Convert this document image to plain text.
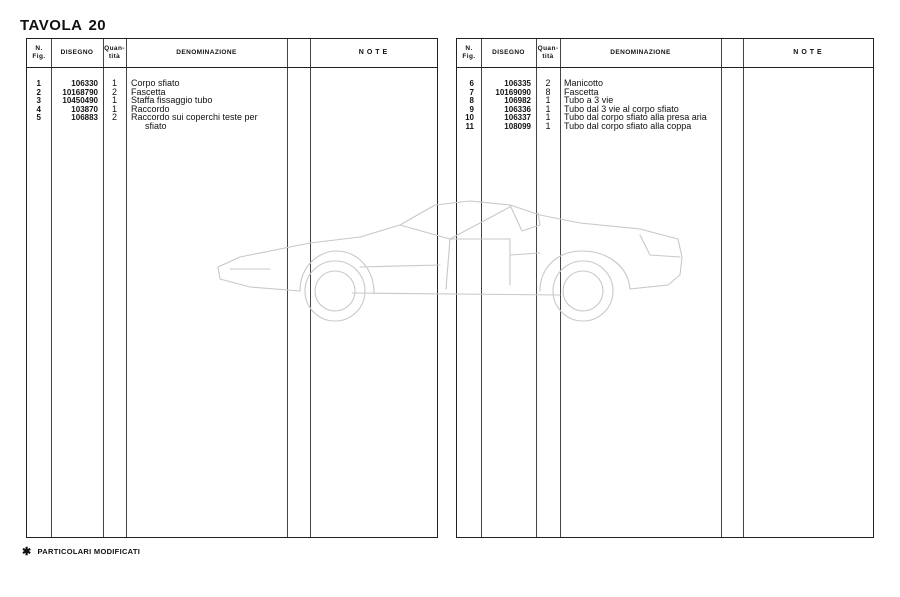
TAVOLA 20
N.
Fig.
DISEGNO
Quan-
tità
DENOMINAZIONE	NOTE
1	106330	1	Corpo sfiato
2	10168790	2	Fascetta
3	10450490	1	Staffa fissaggio tubo
4	103870	1	Raccordo
5	106883	2	Raccordo sui coperchi teste per
sfiato
N.
Fig.
DISEGNO
Quan-
tità
DENOMINAZIONE	NOTE
6	106335	2	Manicotto
7	10169090	8	Fascetta
8	106982	1	Tubo a 3 vie
9	106336	1	Tubo dal 3 vie al corpo sfiato
10	106337	1	Tubo dal corpo sfiato alla presa aria
11	108099	1	Tubo dal corpo sfiato alla coppa
✱ PARTICOLARI MODIFICATI
